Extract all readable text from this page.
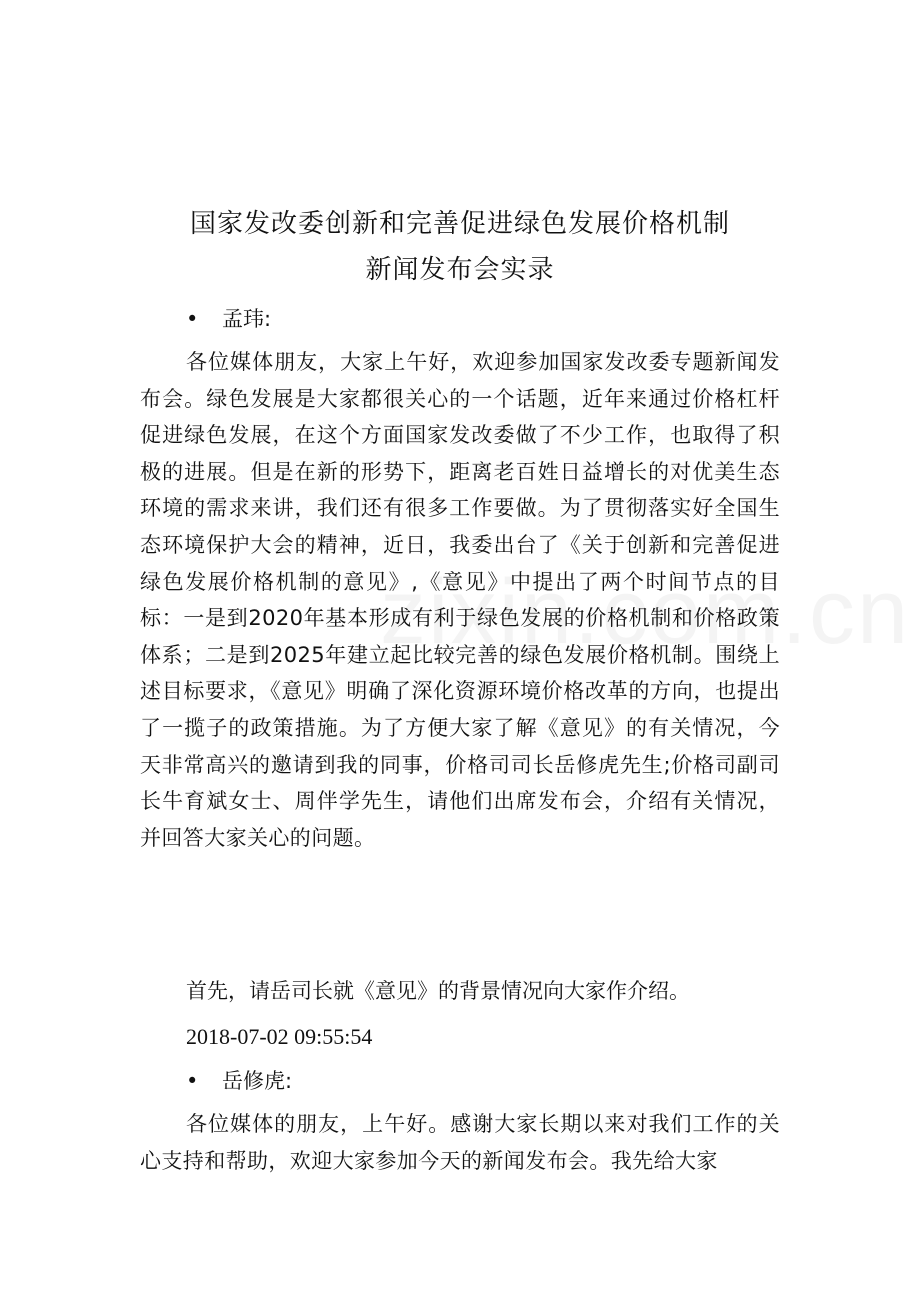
国家发改委创新和完善促进绿色发展价格机制
新闻发布会实录
• 孟玮:

各位媒体朋友，大家上午好，欢迎参加国家发改委专题新闻发布会。绿色发展是大家都很关心的一个话题，近年来通过价格杠杆促进绿色发展，在这个方面国家发改委做了不少工作，也取得了积极的进展。但是在新的形势下，距离老百姓日益增长的对优美生态环境的需求来讲，我们还有很多工作要做。为了贯彻落实好全国生态环境保护大会的精神，近日，我委出台了《关于创新和完善促进绿色发展价格机制的意见》,《意见》中提出了两个时间节点的目标：一是到2020年基本形成有利于绿色发展的价格机制和价格政策体系；二是到2025年建立起比较完善的绿色发展价格机制。围绕上述目标要求，《意见》明确了深化资源环境价格改革的方向，也提出了一揽子的政策措施。为了方便大家了解《意见》的有关情况，今天非常高兴的邀请到我的同事，价格司司长岳修虎先生;价格司副司长牛育斌女士、周伴学先生，请他们出席发布会，介绍有关情况，并回答大家关心的问题。

首先，请岳司长就《意见》的背景情况向大家作介绍。
2018-07-02 09:55:54
• 岳修虎:

各位媒体的朋友，上午好。感谢大家长期以来对我们工作的关心支持和帮助，欢迎大家参加今天的新闻发布会。我先给大家
